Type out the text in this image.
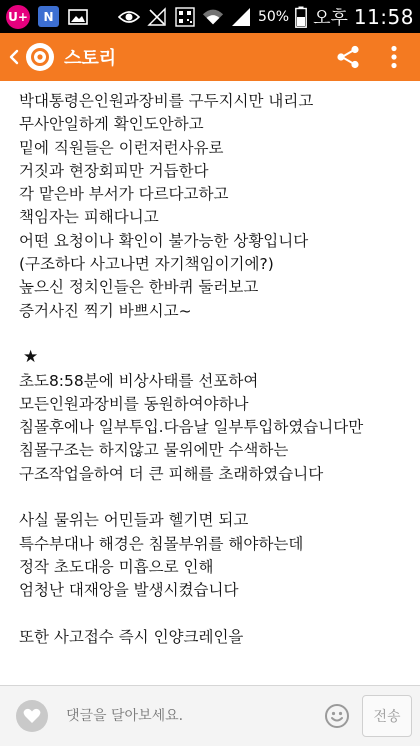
U+	N	50% 오후 11:58
스토리
박대통령은인원과장비를 구두지시만 내리고
무사안일하게 확인도안하고
밑에 직원들은 이런저런사유로
거짓과 현장회피만 거듭한다
각 맡은바 부서가 다르다고하고
책임자는 피해다니고
어떤 요청이나 확인이 불가능한 상황입니다
(구조하다 사고나면 자기책임이기에?)
높으신 정치인들은 한바퀴 둘러보고
증거사진 찍기 바쁘시고~
★
초도8:58분에 비상사태를 선포하여
모든인원과장비를 동원하여야하나
침몰후에나 일부투입.다음날 일부투입하였습니다만
침몰구조는 하지않고 물위에만 수색하는
구조작업을하여 더 큰 피해를 초래하였습니다
사실 물위는 어민들과 헬기면 되고
특수부대나 해경은 침몰부위를 해야하는데
정작 초도대응 미흡으로 인해
엄청난 대재앙을 발생시켰습니다
또한 사고접수 즉시 인양크레인을
댓글을 달아보세요.
전송
